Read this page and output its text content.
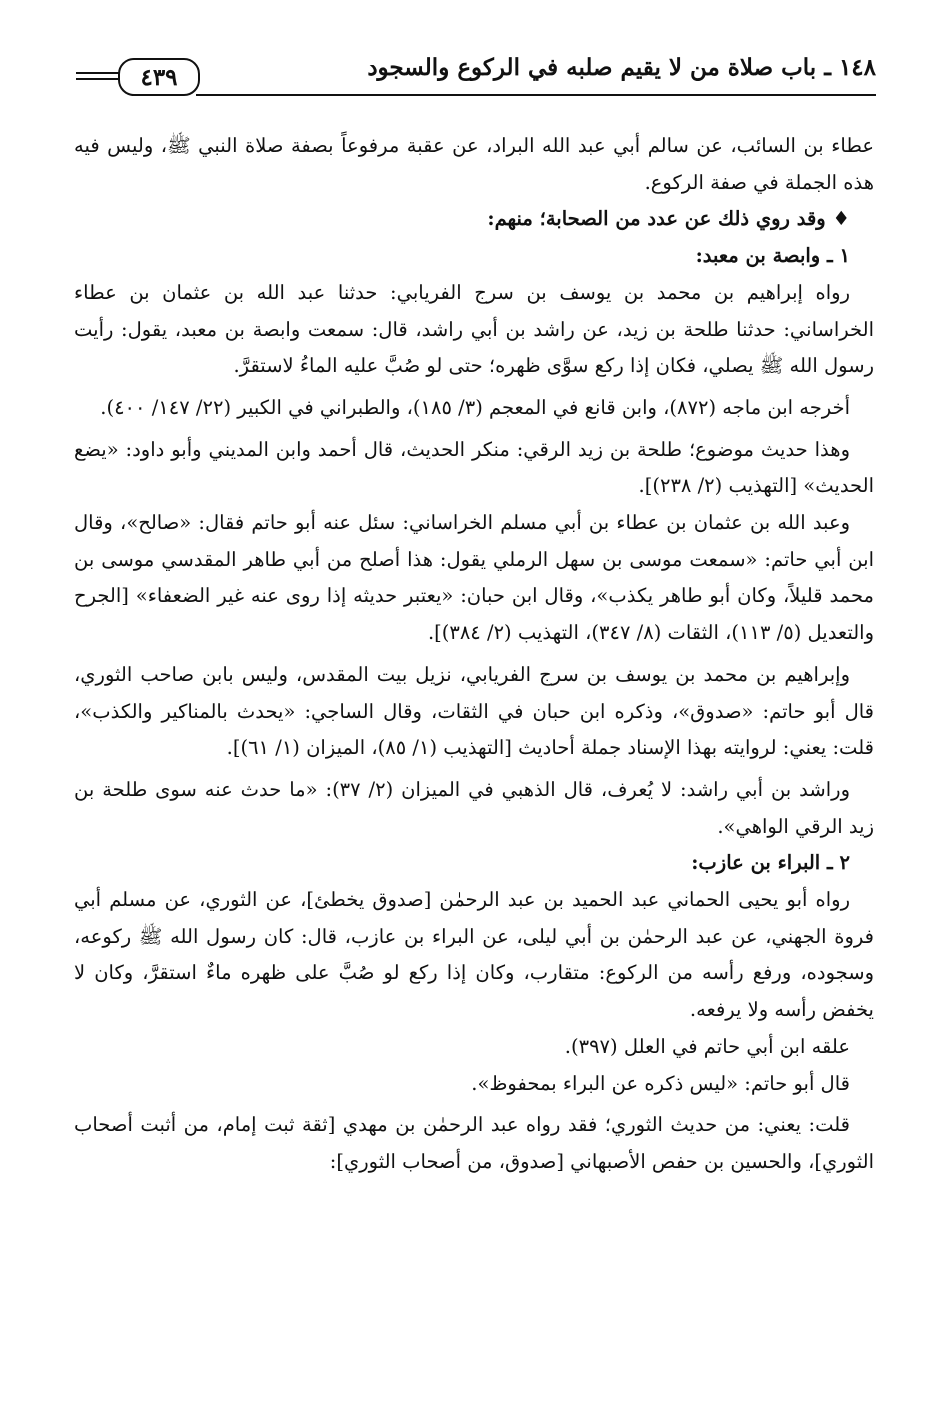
١٤٨ ـ باب صلاة من لا يقيم صلبه في الركوع والسجود
٤٣٩

عطاء بن السائب، عن سالم أبي عبد الله البراد، عن عقبة مرفوعاً بصفة صلاة النبي ﷺ، وليس فيه هذه الجملة في صفة الركوع.

♦ وقد روي ذلك عن عدد من الصحابة؛ منهم:

١ ـ وابصة بن معبد:

رواه إبراهيم بن محمد بن يوسف بن سرج الفريابي: حدثنا عبد الله بن عثمان بن عطاء الخراساني: حدثنا طلحة بن زيد، عن راشد بن أبي راشد، قال: سمعت وابصة بن معبد، يقول: رأيت رسول الله ﷺ يصلي، فكان إذا ركع سوَّى ظهره؛ حتى لو صُبَّ عليه الماءُ لاستقرَّ.

أخرجه ابن ماجه (٨٧٢)، وابن قانع في المعجم (٣/ ١٨٥)، والطبراني في الكبير (٢٢/ ١٤٧/ ٤٠٠).

وهذا حديث موضوع؛ طلحة بن زيد الرقي: منكر الحديث، قال أحمد وابن المديني وأبو داود: «يضع الحديث» [التهذيب (٢/ ٢٣٨)].

وعبد الله بن عثمان بن عطاء بن أبي مسلم الخراساني: سئل عنه أبو حاتم فقال: «صالح»، وقال ابن أبي حاتم: «سمعت موسى بن سهل الرملي يقول: هذا أصلح من أبي طاهر المقدسي موسى بن محمد قليلاً، وكان أبو طاهر يكذب»، وقال ابن حبان: «يعتبر حديثه إذا روى عنه غير الضعفاء» [الجرح والتعديل (٥/ ١١٣)، الثقات (٨/ ٣٤٧)، التهذيب (٢/ ٣٨٤)].

وإبراهيم بن محمد بن يوسف بن سرج الفريابي، نزيل بيت المقدس، وليس بابن صاحب الثوري، قال أبو حاتم: «صدوق»، وذكره ابن حبان في الثقات، وقال الساجي: «يحدث بالمناكير والكذب»، قلت: يعني: لروايته بهذا الإسناد جملة أحاديث [التهذيب (١/ ٨٥)، الميزان (١/ ٦١)].

وراشد بن أبي راشد: لا يُعرف، قال الذهبي في الميزان (٢/ ٣٧): «ما حدث عنه سوى طلحة بن زيد الرقي الواهي».

٢ ـ البراء بن عازب:

رواه أبو يحيى الحماني عبد الحميد بن عبد الرحمٰن [صدوق يخطئ]، عن الثوري، عن مسلم أبي فروة الجهني، عن عبد الرحمٰن بن أبي ليلى، عن البراء بن عازب، قال: كان رسول الله ﷺ ركوعه، وسجوده، ورفع رأسه من الركوع: متقارب، وكان إذا ركع لو صُبَّ على ظهره ماءٌ استقرَّ، وكان لا يخفض رأسه ولا يرفعه.

علقه ابن أبي حاتم في العلل (٣٩٧).

قال أبو حاتم: «ليس ذكره عن البراء بمحفوظ».

قلت: يعني: من حديث الثوري؛ فقد رواه عبد الرحمٰن بن مهدي [ثقة ثبت إمام، من أثبت أصحاب الثوري]، والحسين بن حفص الأصبهاني [صدوق، من أصحاب الثوري]:
